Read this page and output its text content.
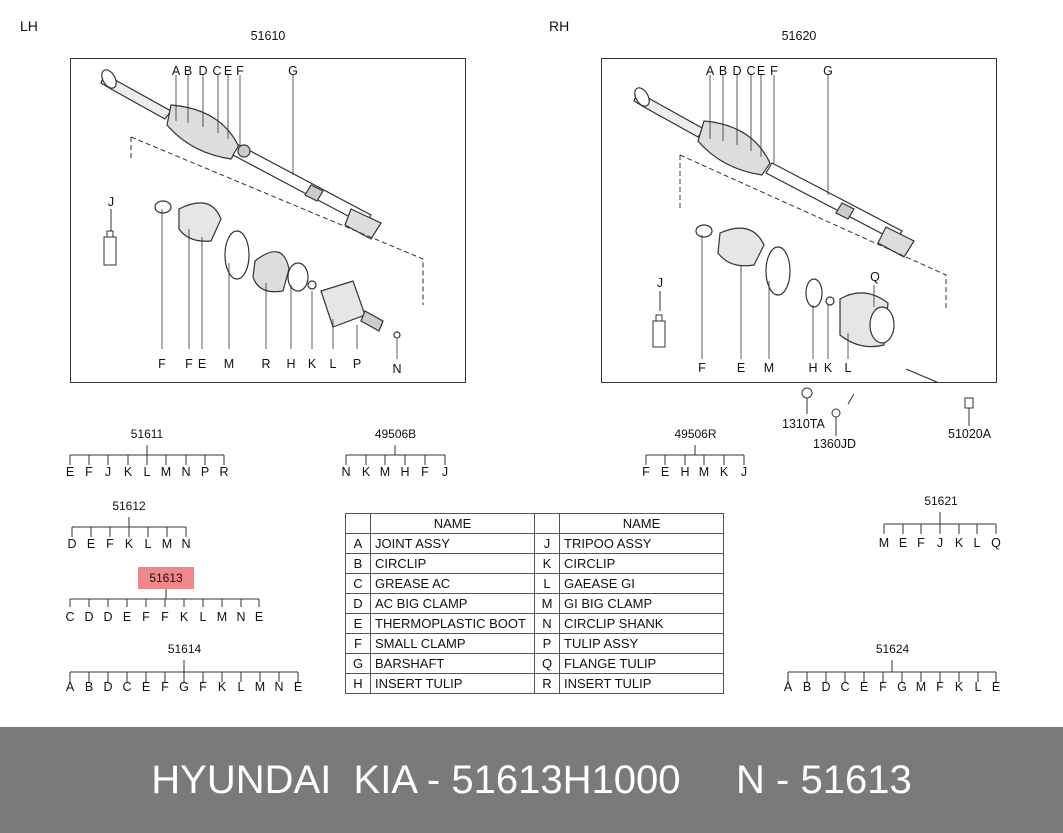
LH
51610
A B D C E F	G
J
F F E M R H K L P	N
RH
51620
A B D C E F	G
J	Q
F E M	H K L
1310TA
1360JD
51020A
51611
E F J	K L M N P R
51612
D E F K L M N
51613
C D D E F F K L M N E
51614
A B D C E F G F K L M N E
49506B
N K M H F	J
49506R
F E H M K	J
51621
M E F J K L Q
51624
A B D C E F G M F K L E
	NAME		NAME
A	JOINT ASSY	J	TRIPOO ASSY
B	CIRCLIP	K	CIRCLIP
C	GREASE AC	L	GAEASE GI
D	AC BIG CLAMP	M	GI BIG CLAMP
E	THERMOPLASTIC BOOT	N	CIRCLIP SHANK
F	SMALL CLAMP	P	TULIP ASSY
G	BARSHAFT	Q	FLANGE TULIP
H	INSERT TULIP	R	INSERT TULIP
HYUNDAI  KIA - 51613H1000
N - 51613
